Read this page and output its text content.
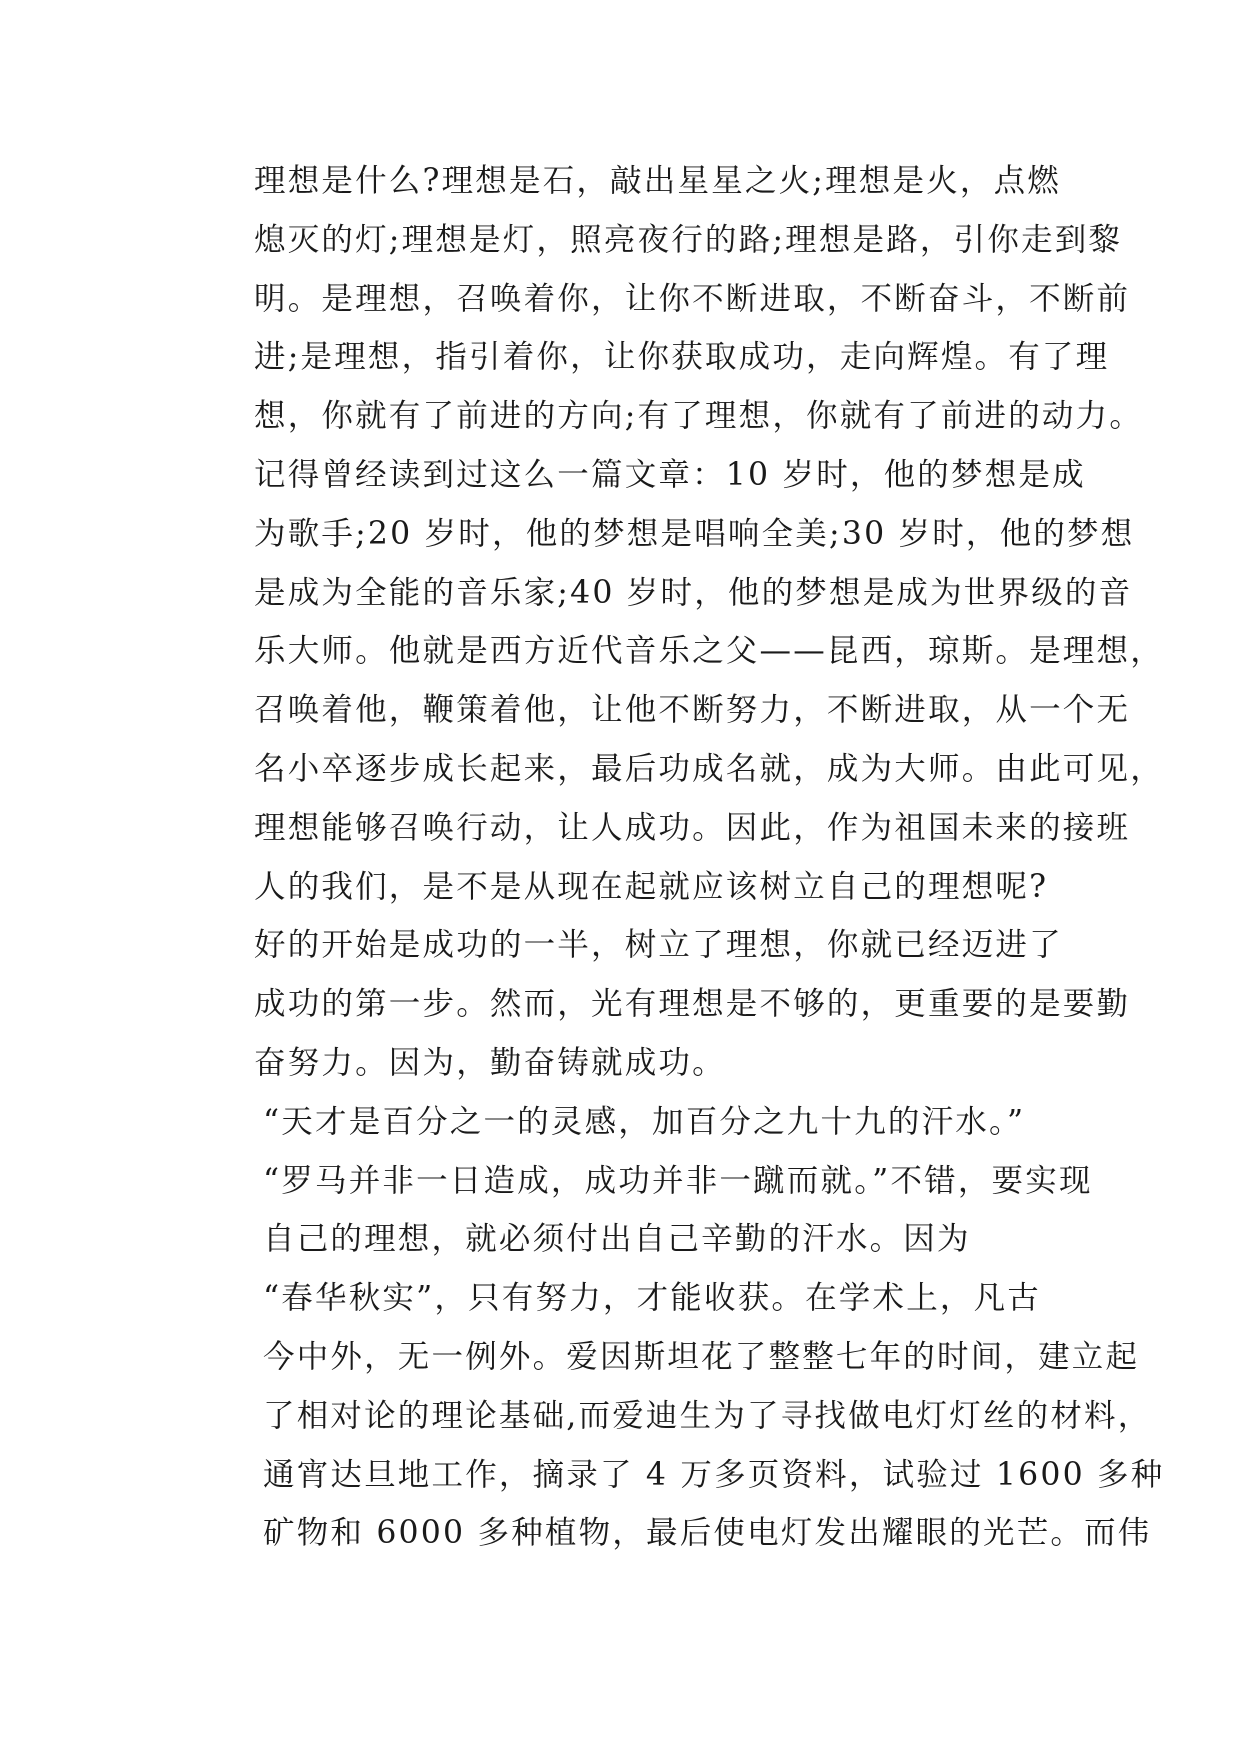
理想是什么?理想是石，敲出星星之火;理想是火，点燃
熄灭的灯;理想是灯，照亮夜行的路;理想是路，引你走到黎
明。是理想，召唤着你，让你不断进取，不断奋斗，不断前
进;是理想，指引着你，让你获取成功，走向辉煌。有了理
想，你就有了前进的方向;有了理想，你就有了前进的动力。

记得曾经读到过这么一篇文章：10 岁时，他的梦想是成
为歌手;20 岁时，他的梦想是唱响全美;30 岁时，他的梦想
是成为全能的音乐家;40 岁时，他的梦想是成为世界级的音
乐大师。他就是西方近代音乐之父——昆西，琼斯。是理想，
召唤着他，鞭策着他，让他不断努力，不断进取，从一个无
名小卒逐步成长起来，最后功成名就，成为大师。由此可见，
理想能够召唤行动，让人成功。因此，作为祖国未来的接班
人的我们，是不是从现在起就应该树立自己的理想呢?

好的开始是成功的一半，树立了理想，你就已经迈进了
成功的第一步。然而，光有理想是不够的，更重要的是要勤
奋努力。因为，勤奋铸就成功。

“天才是百分之一的灵感，加百分之九十九的汗水。”
“罗马并非一日造成，成功并非一蹴而就。”不错，要实现
自己的理想，就必须付出自己辛勤的汗水。因为

“春华秋实”，只有努力，才能收获。在学术上，凡古
今中外，无一例外。爱因斯坦花了整整七年的时间，建立起
了相对论的理论基础,而爱迪生为了寻找做电灯灯丝的材料，
通宵达旦地工作，摘录了 4 万多页资料，试验过 1600 多种
矿物和 6000 多种植物，最后使电灯发出耀眼的光芒。而伟
